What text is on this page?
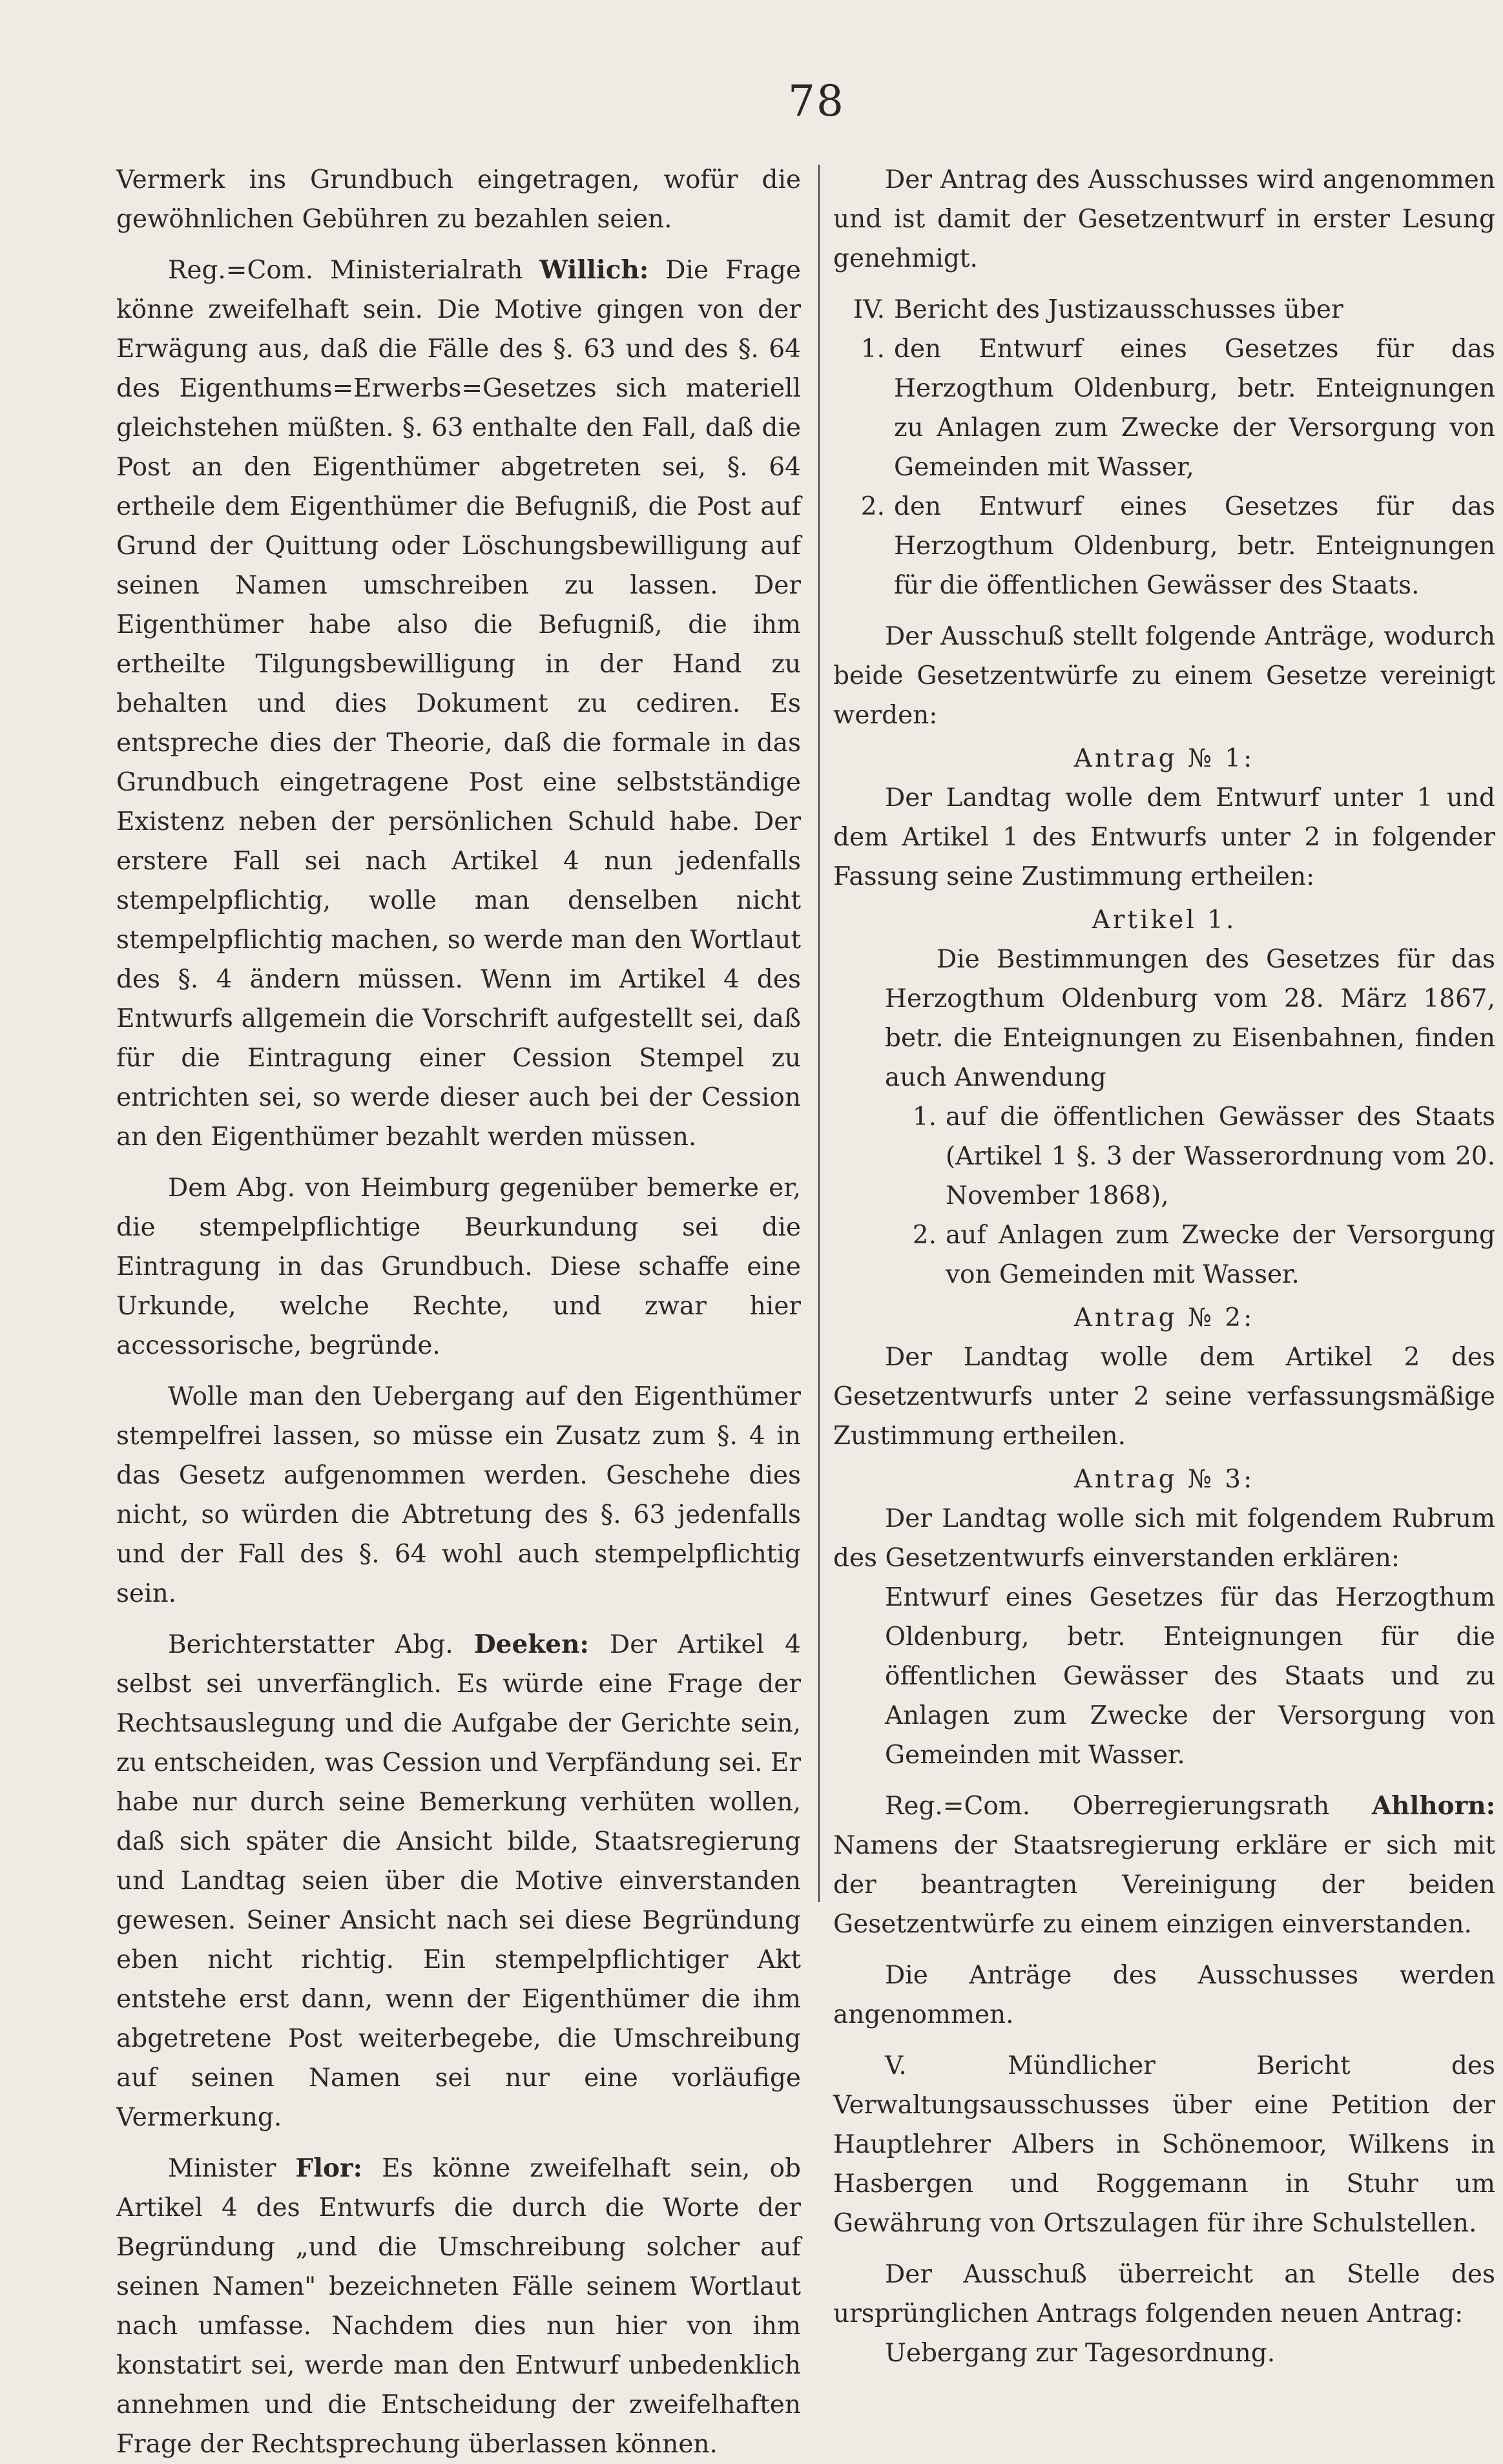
78

Vermerk ins Grundbuch eingetragen, wofür die gewöhnlichen Gebühren zu bezahlen seien.

Reg.=Com. Ministerialrath Willich: Die Frage könne zweifelhaft sein. Die Motive gingen von der Erwägung aus, daß die Fälle des §. 63 und des §. 64 des Eigenthums=Erwerbs=Gesetzes sich materiell gleichstehen müßten. §. 63 enthalte den Fall, daß die Post an den Eigenthümer abgetreten sei, §. 64 ertheile dem Eigenthümer die Befugniß, die Post auf Grund der Quittung oder Löschungsbewilligung auf seinen Namen umschreiben zu lassen. Der Eigenthümer habe also die Befugniß, die ihm ertheilte Tilgungsbewilligung in der Hand zu behalten und dies Dokument zu cediren. Es entspreche dies der Theorie, daß die formale in das Grundbuch eingetragene Post eine selbstständige Existenz neben der persönlichen Schuld habe. Der erstere Fall sei nach Artikel 4 nun jedenfalls stempelpflichtig, wolle man denselben nicht stempelpflichtig machen, so werde man den Wortlaut des §. 4 ändern müssen. Wenn im Artikel 4 des Entwurfs allgemein die Vorschrift aufgestellt sei, daß für die Eintragung einer Cession Stempel zu entrichten sei, so werde dieser auch bei der Cession an den Eigenthümer bezahlt werden müssen.

Dem Abg. von Heimburg gegenüber bemerke er, die stempelpflichtige Beurkundung sei die Eintragung in das Grundbuch. Diese schaffe eine Urkunde, welche Rechte, und zwar hier accessorische, begründe.

Wolle man den Uebergang auf den Eigenthümer stempelfrei lassen, so müsse ein Zusatz zum §. 4 in das Gesetz aufgenommen werden. Geschehe dies nicht, so würden die Abtretung des §. 63 jedenfalls und der Fall des §. 64 wohl auch stempelpflichtig sein.

Berichterstatter Abg. Deeken: Der Artikel 4 selbst sei unverfänglich. Es würde eine Frage der Rechtsauslegung und die Aufgabe der Gerichte sein, zu entscheiden, was Cession und Verpfändung sei. Er habe nur durch seine Bemerkung verhüten wollen, daß sich später die Ansicht bilde, Staatsregierung und Landtag seien über die Motive einverstanden gewesen. Seiner Ansicht nach sei diese Begründung eben nicht richtig. Ein stempelpflichtiger Akt entstehe erst dann, wenn der Eigenthümer die ihm abgetretene Post weiterbegebe, die Umschreibung auf seinen Namen sei nur eine vorläufige Vermerkung.

Minister Flor: Es könne zweifelhaft sein, ob Artikel 4 des Entwurfs die durch die Worte der Begründung „und die Umschreibung solcher auf seinen Namen" bezeichneten Fälle seinem Wortlaut nach umfasse. Nachdem dies nun hier von ihm konstatirt sei, werde man den Entwurf unbedenklich annehmen und die Entscheidung der zweifelhaften Frage der Rechtsprechung überlassen können.

Der Antrag des Ausschusses wird angenommen und ist damit der Gesetzentwurf in erster Lesung genehmigt.

IV. Bericht des Justizausschusses über
1. den Entwurf eines Gesetzes für das Herzogthum Oldenburg, betr. Enteignungen zu Anlagen zum Zwecke der Versorgung von Gemeinden mit Wasser,
2. den Entwurf eines Gesetzes für das Herzogthum Oldenburg, betr. Enteignungen für die öffentlichen Gewässer des Staats.

Der Ausschuß stellt folgende Anträge, wodurch beide Gesetzentwürfe zu einem Gesetze vereinigt werden:

Antrag № 1:

Der Landtag wolle dem Entwurf unter 1 und dem Artikel 1 des Entwurfs unter 2 in folgender Fassung seine Zustimmung ertheilen:

Artikel 1.

Die Bestimmungen des Gesetzes für das Herzogthum Oldenburg vom 28. März 1867, betr. die Enteignungen zu Eisenbahnen, finden auch Anwendung

1. auf die öffentlichen Gewässer des Staats (Artikel 1 §. 3 der Wasserordnung vom 20. November 1868),
2. auf Anlagen zum Zwecke der Versorgung von Gemeinden mit Wasser.

Antrag № 2:

Der Landtag wolle dem Artikel 2 des Gesetzentwurfs unter 2 seine verfassungsmäßige Zustimmung ertheilen.

Antrag № 3:

Der Landtag wolle sich mit folgendem Rubrum des Gesetzentwurfs einverstanden erklären:

Entwurf eines Gesetzes für das Herzogthum Oldenburg, betr. Enteignungen für die öffentlichen Gewässer des Staats und zu Anlagen zum Zwecke der Versorgung von Gemeinden mit Wasser.

Reg.=Com. Oberregierungsrath Ahlhorn: Namens der Staatsregierung erkläre er sich mit der beantragten Vereinigung der beiden Gesetzentwürfe zu einem einzigen einverstanden.

Die Anträge des Ausschusses werden angenommen.

V. Mündlicher Bericht des Verwaltungsausschusses über eine Petition der Hauptlehrer Albers in Schönemoor, Wilkens in Hasbergen und Roggemann in Stuhr um Gewährung von Ortszulagen für ihre Schulstellen.

Der Ausschuß überreicht an Stelle des ursprünglichen Antrags folgenden neuen Antrag:

Uebergang zur Tagesordnung.
